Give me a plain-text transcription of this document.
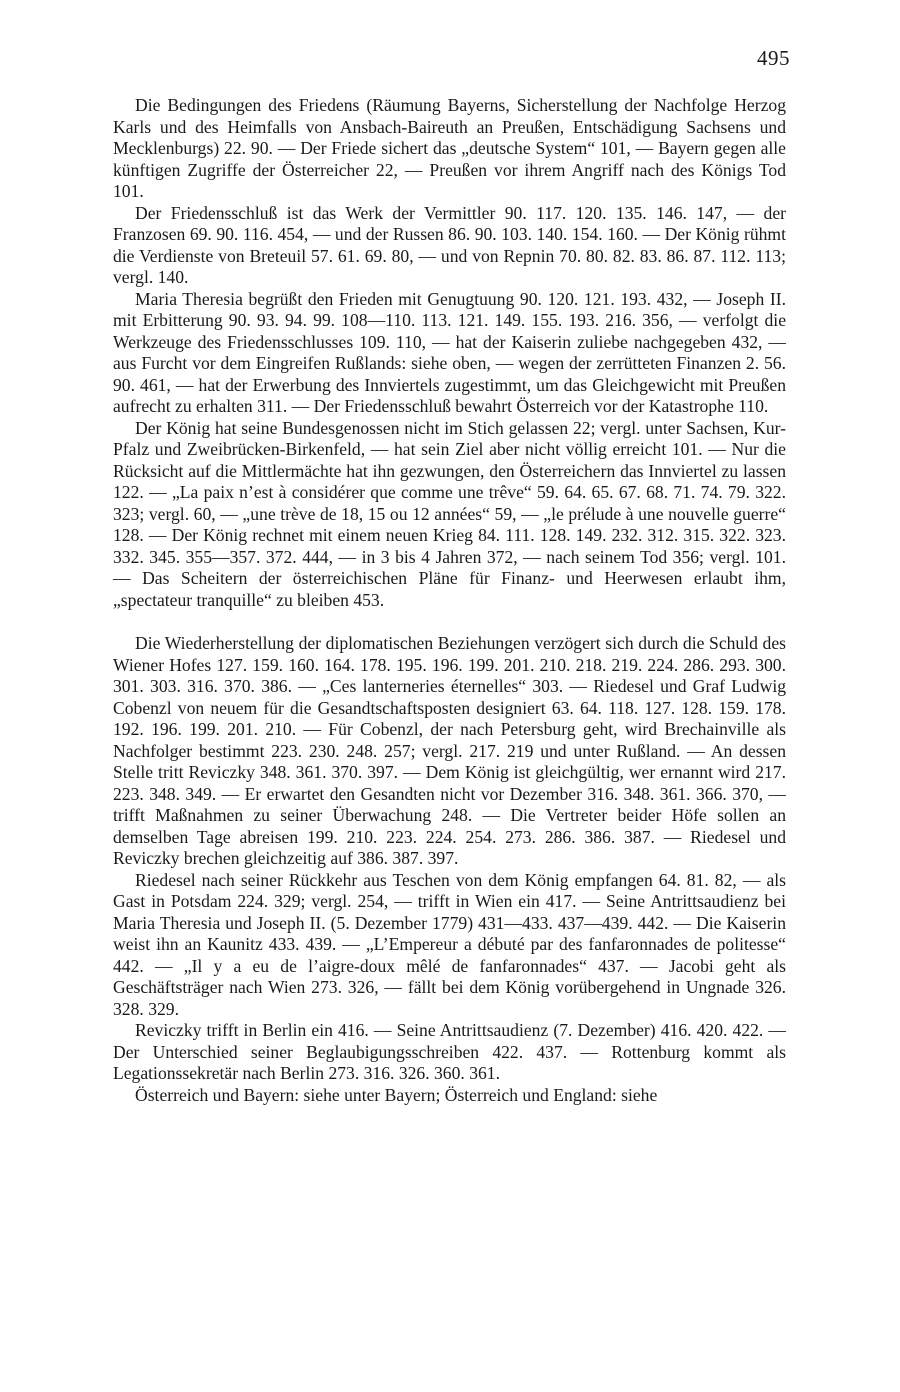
495

Die Bedingungen des Friedens (Räumung Bayerns, Sicherstellung der Nachfolge Herzog Karls und des Heimfalls von Ansbach-Baireuth an Preußen, Entschädigung Sachsens und Mecklenburgs) 22. 90. — Der Friede sichert das „deutsche System“ 101, — Bayern gegen alle künftigen Zugriffe der Österreicher 22, — Preußen vor ihrem Angriff nach des Königs Tod 101.

Der Friedensschluß ist das Werk der Vermittler 90. 117. 120. 135. 146. 147, — der Franzosen 69. 90. 116. 454, — und der Russen 86. 90. 103. 140. 154. 160. — Der König rühmt die Verdienste von Breteuil 57. 61. 69. 80, — und von Repnin 70. 80. 82. 83. 86. 87. 112. 113; vergl. 140.

Maria Theresia begrüßt den Frieden mit Genugtuung 90. 120. 121. 193. 432, — Joseph II. mit Erbitterung 90. 93. 94. 99. 108—110. 113. 121. 149. 155. 193. 216. 356, — verfolgt die Werkzeuge des Friedensschlusses 109. 110, — hat der Kaiserin zuliebe nachgegeben 432, — aus Furcht vor dem Eingreifen Rußlands: siehe oben, — wegen der zerrütteten Finanzen 2. 56. 90. 461, — hat der Erwerbung des Innviertels zugestimmt, um das Gleichgewicht mit Preußen aufrecht zu erhalten 311. — Der Friedensschluß bewahrt Österreich vor der Katastrophe 110.

Der König hat seine Bundesgenossen nicht im Stich gelassen 22; vergl. unter Sachsen, Kur-Pfalz und Zweibrücken-Birkenfeld, — hat sein Ziel aber nicht völlig erreicht 101. — Nur die Rücksicht auf die Mittlermächte hat ihn gezwungen, den Österreichern das Innviertel zu lassen 122. — „La paix n’est à considérer que comme une trêve“ 59. 64. 65. 67. 68. 71. 74. 79. 322. 323; vergl. 60, — „une trève de 18, 15 ou 12 années“ 59, — „le prélude à une nouvelle guerre“ 128. — Der König rechnet mit einem neuen Krieg 84. 111. 128. 149. 232. 312. 315. 322. 323. 332. 345. 355—357. 372. 444, — in 3 bis 4 Jahren 372, — nach seinem Tod 356; vergl. 101. — Das Scheitern der österreichischen Pläne für Finanz- und Heerwesen erlaubt ihm, „spectateur tranquille“ zu bleiben 453.

Die Wiederherstellung der diplomatischen Beziehungen verzögert sich durch die Schuld des Wiener Hofes 127. 159. 160. 164. 178. 195. 196. 199. 201. 210. 218. 219. 224. 286. 293. 300. 301. 303. 316. 370. 386. — „Ces lanterneries éternelles“ 303. — Riedesel und Graf Ludwig Cobenzl von neuem für die Gesandtschaftsposten designiert 63. 64. 118. 127. 128. 159. 178. 192. 196. 199. 201. 210. — Für Cobenzl, der nach Petersburg geht, wird Brechainville als Nachfolger bestimmt 223. 230. 248. 257; vergl. 217. 219 und unter Rußland. — An dessen Stelle tritt Reviczky 348. 361. 370. 397. — Dem König ist gleichgültig, wer ernannt wird 217. 223. 348. 349. — Er erwartet den Gesandten nicht vor Dezember 316. 348. 361. 366. 370, — trifft Maßnahmen zu seiner Überwachung 248. — Die Vertreter beider Höfe sollen an demselben Tage abreisen 199. 210. 223. 224. 254. 273. 286. 386. 387. — Riedesel und Reviczky brechen gleichzeitig auf 386. 387. 397.

Riedesel nach seiner Rückkehr aus Teschen von dem König empfangen 64. 81. 82, — als Gast in Potsdam 224. 329; vergl. 254, — trifft in Wien ein 417. — Seine Antrittsaudienz bei Maria Theresia und Joseph II. (5. Dezember 1779) 431—433. 437—439. 442. — Die Kaiserin weist ihn an Kaunitz 433. 439. — „L’Empereur a débuté par des fanfaronnades de politesse“ 442. — „Il y a eu de l’aigre-doux mêlé de fanfaronnades“ 437. — Jacobi geht als Geschäftsträger nach Wien 273. 326, — fällt bei dem König vorübergehend in Ungnade 326. 328. 329.

Reviczky trifft in Berlin ein 416. — Seine Antrittsaudienz (7. Dezember) 416. 420. 422. — Der Unterschied seiner Beglaubigungsschreiben 422. 437. — Rottenburg kommt als Legationssekretär nach Berlin 273. 316. 326. 360. 361.

Österreich und Bayern: siehe unter Bayern; Österreich und England: siehe
